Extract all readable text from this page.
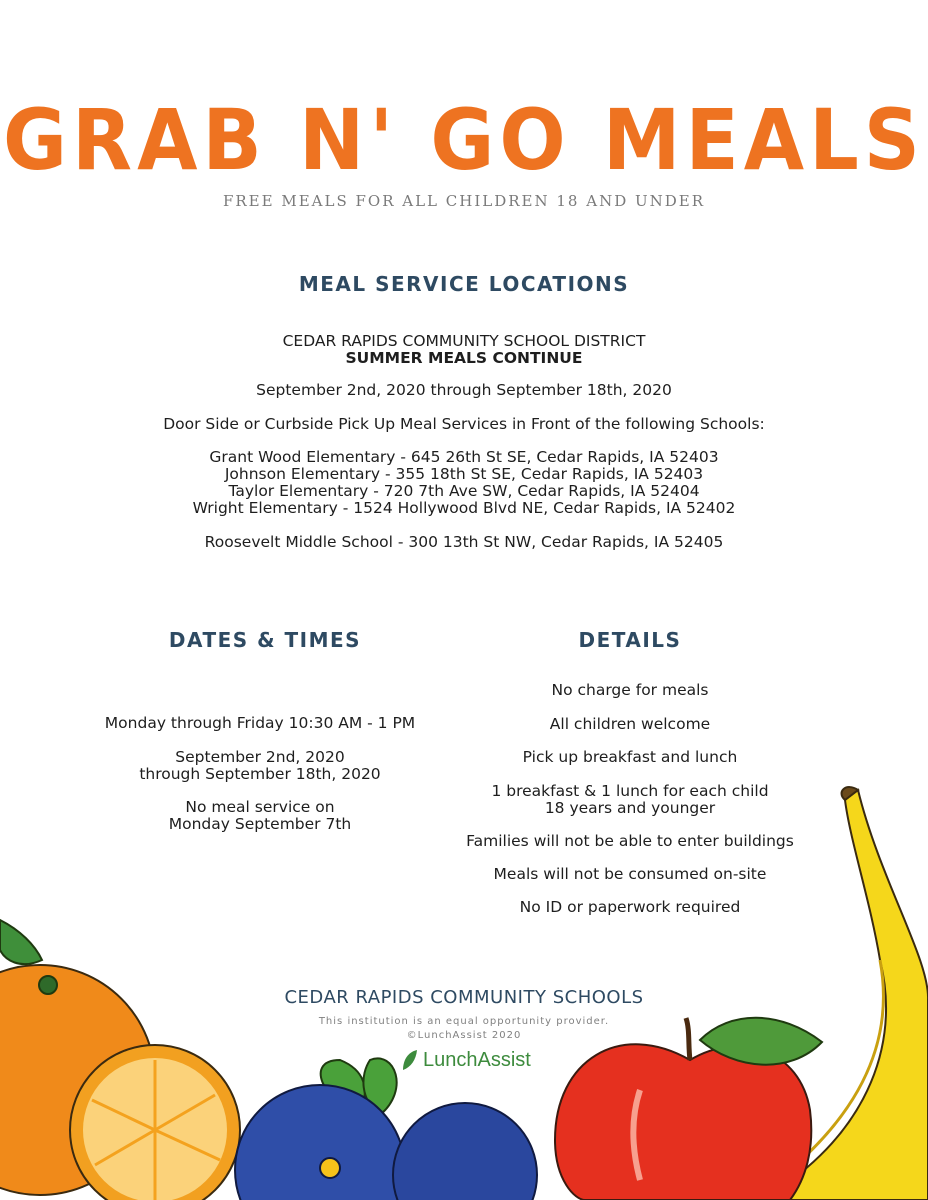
GRAB N' GO MEALS
FREE MEALS FOR ALL CHILDREN 18 AND UNDER
MEAL SERVICE LOCATIONS

CEDAR RAPIDS COMMUNITY SCHOOL DISTRICT

SUMMER MEALS CONTINUE

September 2nd, 2020 through September 18th, 2020

Door Side or Curbside Pick Up Meal Services in Front of the following Schools:

Grant Wood Elementary - 645 26th St SE, Cedar Rapids, IA 52403

Johnson Elementary - 355 18th St SE, Cedar Rapids, IA 52403

Taylor Elementary - 720 7th Ave SW, Cedar Rapids, IA 52404

Wright Elementary - 1524 Hollywood Blvd NE, Cedar Rapids, IA 52402

Roosevelt Middle School - 300 13th St NW, Cedar Rapids, IA 52405

DATES & TIMES

Monday through Friday 10:30 AM - 1 PM

September 2nd, 2020

through September 18th, 2020

No meal service on

Monday September 7th

DETAILS

No charge for meals

All children welcome

Pick up breakfast and lunch

1 breakfast & 1 lunch for each child

18 years and younger

Families will not be able to enter buildings

Meals will not be consumed on-site

No ID or paperwork required

CEDAR RAPIDS COMMUNITY SCHOOLS
This institution is an equal opportunity provider.
©LunchAssist 2020
LunchAssist
